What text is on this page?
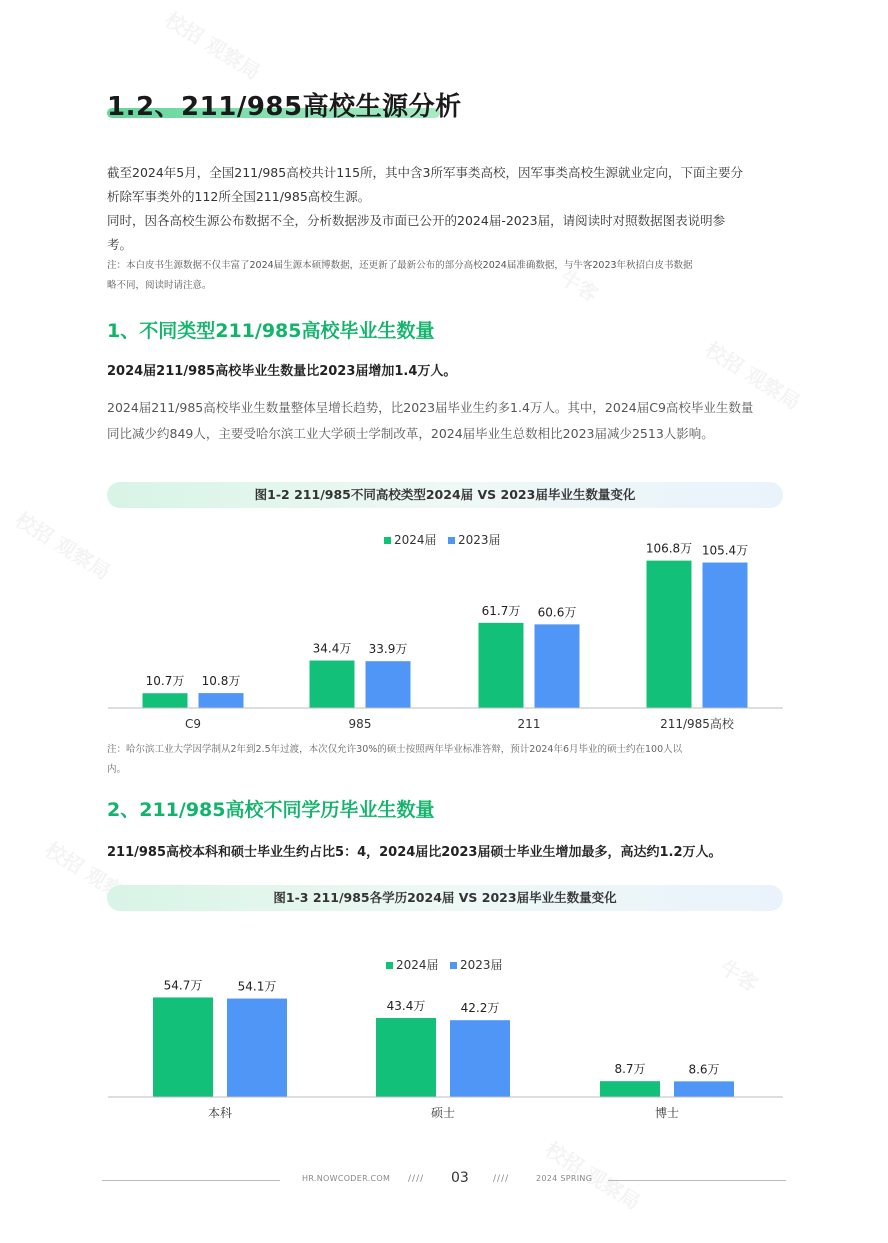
1.2、211/985高校生源分析
截至2024年5月，全国211/985高校共计115所，其中含3所军事类高校，因军事类高校生源就业定向，下面主要分
析除军事类外的112所全国211/985高校生源。
同时，因各高校生源公布数据不全，分析数据涉及市面已公开的2024届-2023届，请阅读时对照数据图表说明参
考。
注：本白皮书生源数据不仅丰富了2024届生源本硕博数据，还更新了最新公布的部分高校2024届准确数据，与牛客2023年秋招白皮书数据
略不同，阅读时请注意。
1、不同类型211/985高校毕业生数量
2024届211/985高校毕业生数量比2023届增加1.4万人。
2024届211/985高校毕业生数量整体呈增长趋势，比2023届毕业生约多1.4万人。其中，2024届C9高校毕业生数量
同比减少约849人，主要受哈尔滨工业大学硕士学制改革，2024届毕业生总数相比2023届减少2513人影响。
图1-2 211/985不同高校类型2024届 VS 2023届毕业生数量变化
2024届 2023届
10.7万 10.8万
C9
34.4万 33.9万
985
61.7万 60.6万
211
106.8万 105.4万
211/985高校
注：哈尔滨工业大学因学制从2年到2.5年过渡，本次仅允许30%的硕士按照两年毕业标准答辩，预计2024年6月毕业的硕士约在100人以
内。
2、211/985高校不同学历毕业生数量
211/985高校本科和硕士毕业生约占比5：4，2024届比2023届硕士毕业生增加最多，高达约1.2万人。
图1-3 211/985各学历2024届 VS 2023届毕业生数量变化
2024届 2023届
54.7万	54.1万
本科
43.4万	42.2万
硕士
8.7万	8.6万
博士
HR.NOWCODER.COM //// 03	////	2024 SPRING
